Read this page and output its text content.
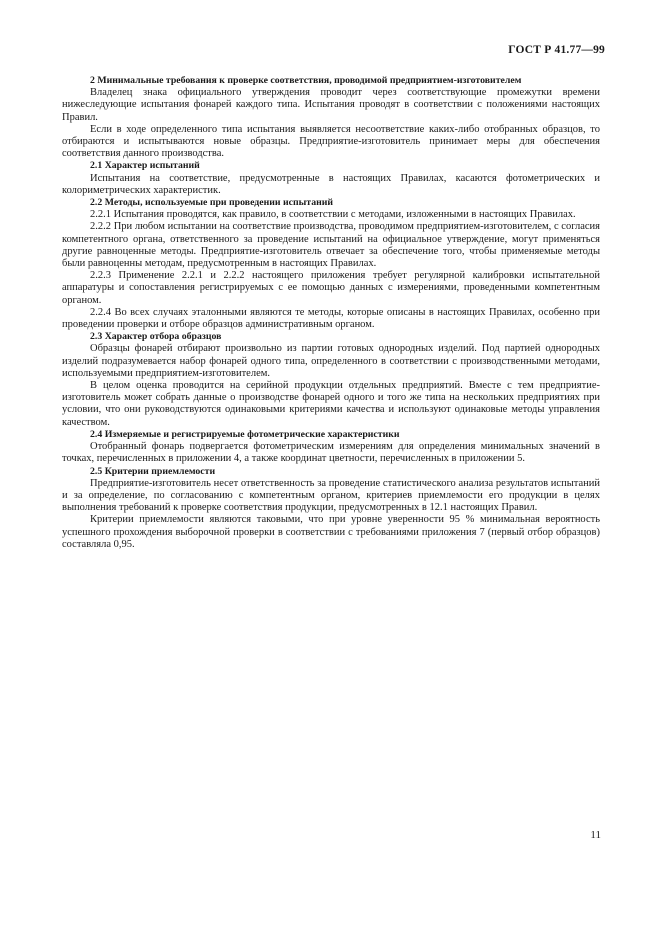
ГОСТ Р 41.77—99

2 Минимальные требования к проверке соответствия, проводимой предприятием-изготовителем

Владелец знака официального утверждения проводит через соответствующие промежутки времени нижеследующие испытания фонарей каждого типа. Испытания проводят в соответствии с положениями настоящих Правил.

Если в ходе определенного типа испытания выявляется несоответствие каких-либо отобранных образцов, то отбираются и испытываются новые образцы. Предприятие-изготовитель принимает меры для обеспечения соответствия данного производства.

2.1 Характер испытаний

Испытания на соответствие, предусмотренные в настоящих Правилах, касаются фотометрических и колориметрических характеристик.

2.2 Методы, используемые при проведении испытаний

2.2.1 Испытания проводятся, как правило, в соответствии с методами, изложенными в настоящих Правилах.

2.2.2 При любом испытании на соответствие производства, проводимом предприятием-изготовителем, с согласия компетентного органа, ответственного за проведение испытаний на официальное утверждение, могут применяться другие равноценные методы. Предприятие-изготовитель отвечает за обеспечение того, чтобы применяемые методы были равноценны методам, предусмотренным в настоящих Правилах.

2.2.3 Применение 2.2.1 и 2.2.2 настоящего приложения требует регулярной калибровки испытательной аппаратуры и сопоставления регистрируемых с ее помощью данных с измерениями, проведенными компетентным органом.

2.2.4 Во всех случаях эталонными являются те методы, которые описаны в настоящих Правилах, особенно при проведении проверки и отборе образцов административным органом.

2.3 Характер отбора образцов

Образцы фонарей отбирают произвольно из партии готовых однородных изделий. Под партией однородных изделий подразумевается набор фонарей одного типа, определенного в соответствии с производственными методами, используемыми предприятием-изготовителем.

В целом оценка проводится на серийной продукции отдельных предприятий. Вместе с тем предприятие-изготовитель может собрать данные о производстве фонарей одного и того же типа на нескольких предприятиях при условии, что они руководствуются одинаковыми критериями качества и используют одинаковые методы управления качеством.

2.4 Измеряемые и регистрируемые фотометрические характеристики

Отобранный фонарь подвергается фотометрическим измерениям для определения минимальных значений в точках, перечисленных в приложении 4, а также координат цветности, перечисленных в приложении 5.

2.5 Критерии приемлемости

Предприятие-изготовитель несет ответственность за проведение статистического анализа результатов испытаний и за определение, по согласованию с компетентным органом, критериев приемлемости его продукции в целях выполнения требований к проверке соответствия продукции, предусмотренных в 12.1 настоящих Правил.

Критерии приемлемости являются таковыми, что при уровне уверенности 95 % минимальная вероятность успешного прохождения выборочной проверки в соответствии с требованиями приложения 7 (первый отбор образцов) составляла 0,95.

11
